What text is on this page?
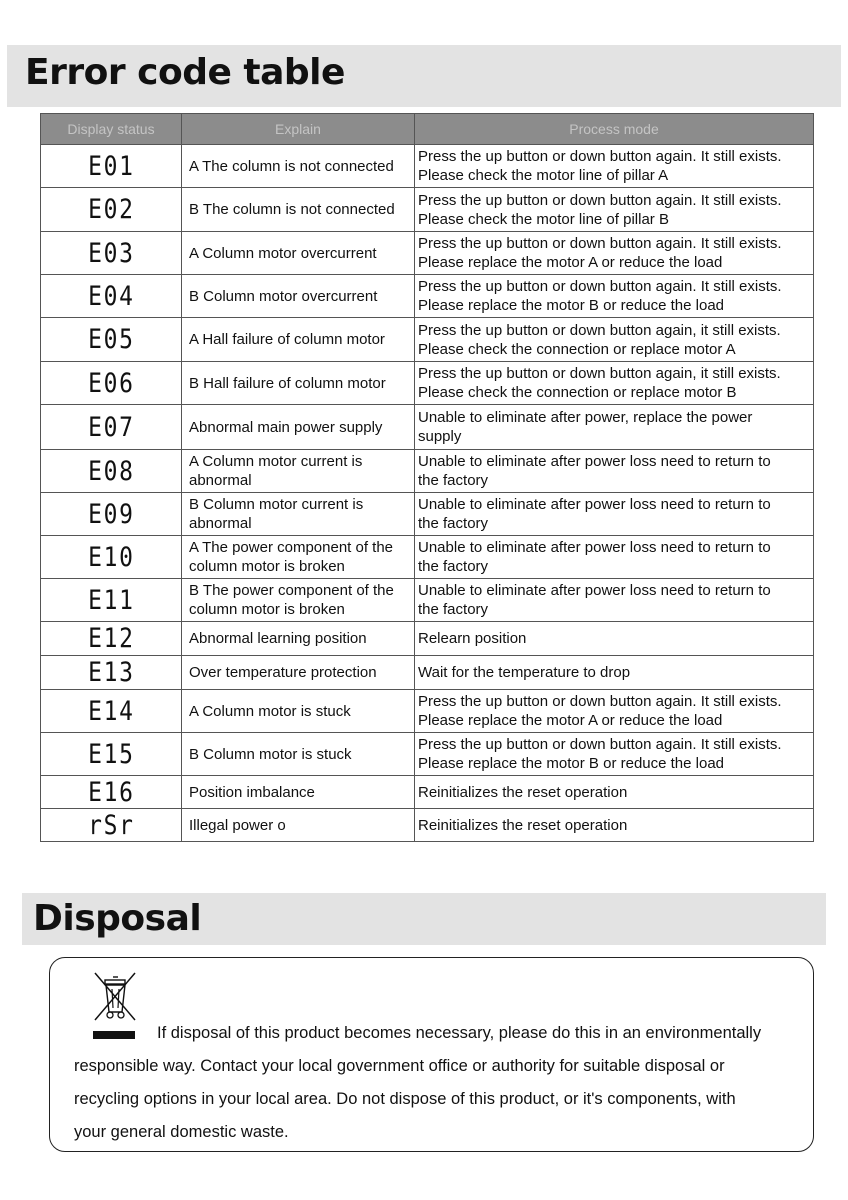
Error code table
Display status	Explain	Process mode
E01	A The column is not connected	Press the up button or down button again. It still exists.
Please check the motor line of pillar A

E02	B The column is not connected	Press the up button or down button again. It still exists.
Please check the motor line of pillar B

E03	A Column motor overcurrent	Press the up button or down button again. It still exists.
Please replace the motor A or reduce the load

E04	B Column motor overcurrent	Press the up button or down button again. It still exists.
Please replace the motor B or reduce the load

E05	A Hall failure of column motor	Press the up button or down button again, it still exists.
Please check the connection or replace motor A

E06	B Hall failure of column motor	Press the up button or down button again, it still exists.
Please check the connection or replace motor B

E07	Abnormal main power supply	Unable to eliminate after power, replace the power
supply

E08	A Column motor current is abnormal	Unable to eliminate after power loss need to return to
the factory

E09	B Column motor current is abnormal	Unable to eliminate after power loss need to return to
the factory

E10	A The power component of the column motor is broken	Unable to eliminate after power loss need to return to
the factory

E11	B The power component of the column motor is broken	Unable to eliminate after power loss need to return to
the factory

E12	Abnormal learning position	Relearn position

E13	Over temperature protection	Wait for the temperature to drop

E14	A Column motor is stuck	Press the up button or down button again. It still exists.
Please replace the motor A or reduce the load

E15	B Column motor is stuck	Press the up button or down button again. It still exists.
Please replace the motor B or reduce the load

E16	Position imbalance	Reinitializes the reset operation

rSr	Illegal power o	Reinitializes the reset operation
Disposal
If disposal of this product becomes necessary, please do this in an environmentally
responsible way. Contact your local government office or authority for suitable disposal or
recycling options in your local area. Do not dispose of this product, or it's components, with
your general domestic waste.
